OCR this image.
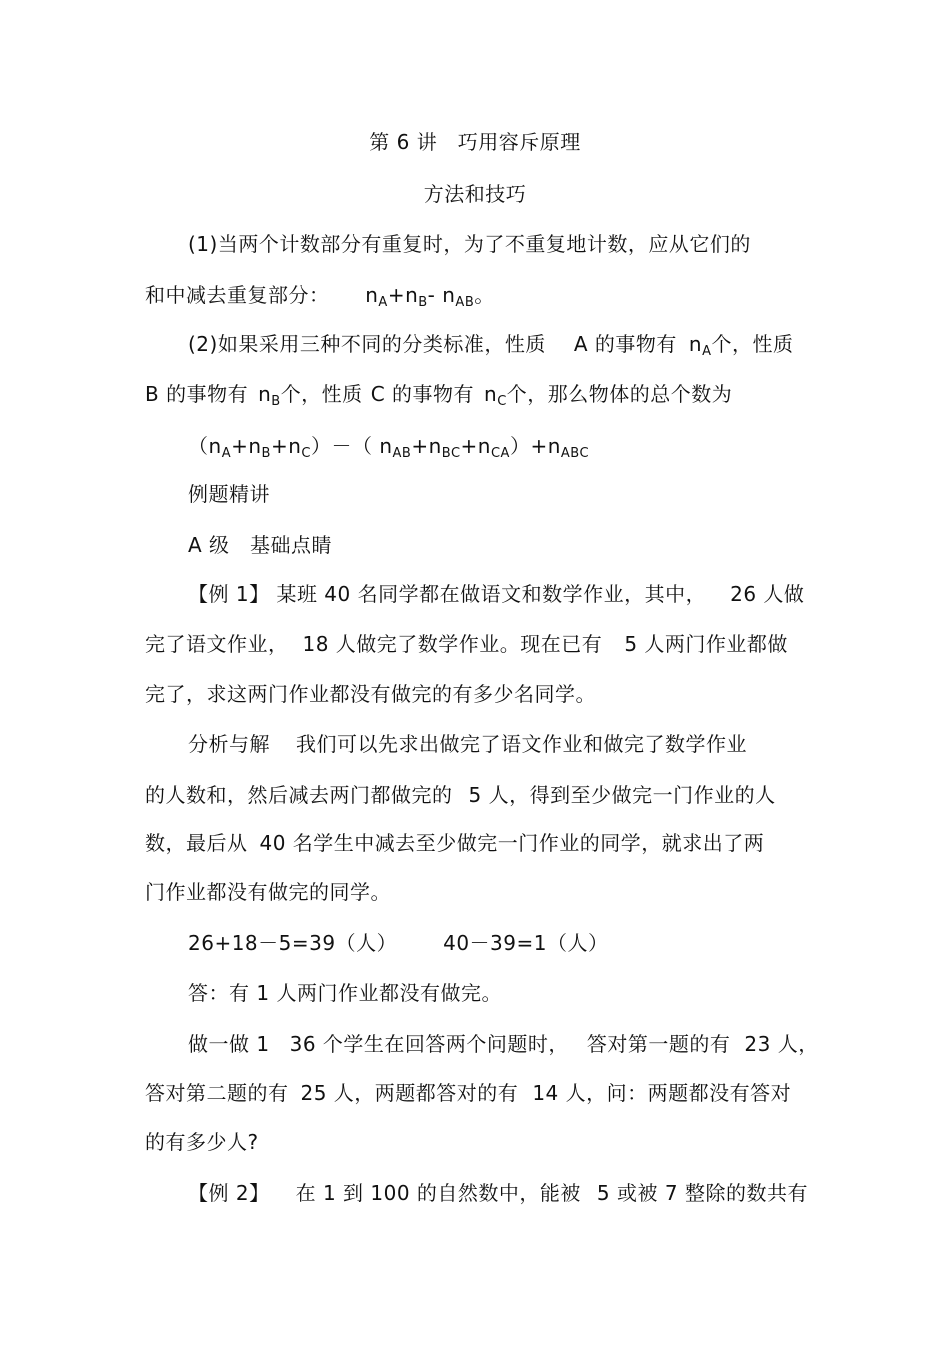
第 6 讲　巧用容斥原理
方法和技巧
(1)当两个计数部分有重复时，为了不重复地计数，应从它们的
和中减去重复部分： $n_A+n_B-$ $n_{AB}$。
(2)如果采用三种不同的分类标准，性质 A 的事物有 $n_A$个，性质
B 的事物有 $n_B$个，性质 C 的事物有 $n_C$个，那么物体的总个数为
$(n_A+n_B+n_C)-$（ $n_{AB}+n_{BC}+n_{CA})+n_{ABC}$
例题精讲
A 级　基础点睛
【例 1】 某班 40 名同学都在做语文和数学作业，其中， 26 人做
完了语文作业， 18 人做完了数学作业。现在已有 5 人两门作业都做
完了，求这两门作业都没有做完的有多少名同学。
分析与解 我们可以先求出做完了语文作业和做完了数学作业
的人数和，然后减去两门都做完的 5 人，得到至少做完一门作业的人
数，最后从 40 名学生中减去至少做完一门作业的同学，就求出了两
门作业都没有做完的同学。
26+18－5=39（人） 40－39=1（人）
答：有 1 人两门作业都没有做完。
做一做 1 36 个学生在回答两个问题时， 答对第一题的有 23 人，
答对第二题的有 25 人，两题都答对的有 14 人，问：两题都没有答对
的有多少人?
【例 2】 在 1 到 100 的自然数中，能被 5 或被 7 整除的数共有
